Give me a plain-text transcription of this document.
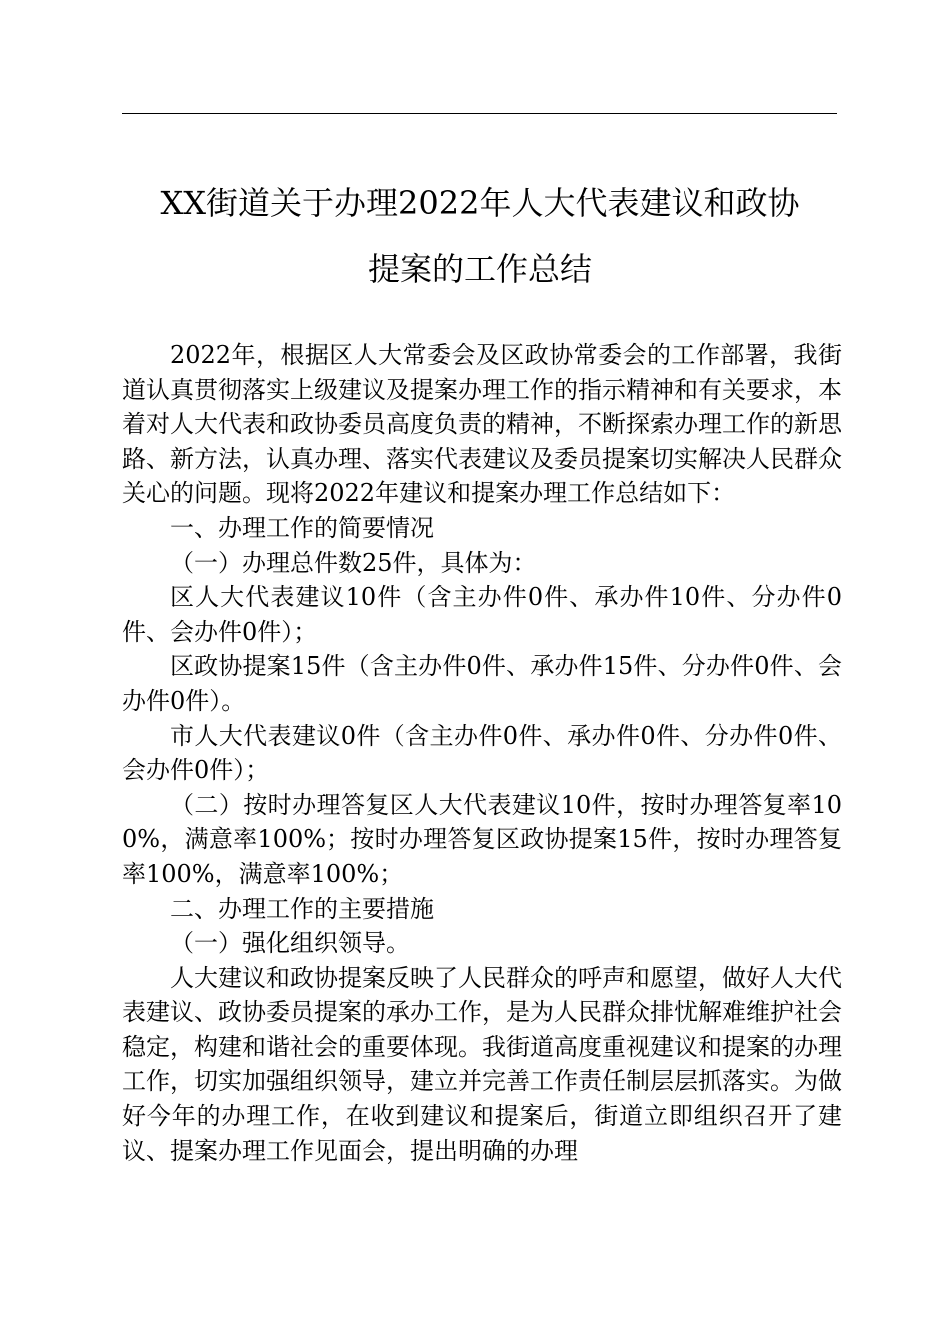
XX街道关于办理2022年人大代表建议和政协
提案的工作总结

2022年，根据区人大常委会及区政协常委会的工作部署，我街道认真贯彻落实上级建议及提案办理工作的指示精神和有关要求，本着对人大代表和政协委员高度负责的精神，不断探索办理工作的新思路、新方法，认真办理、落实代表建议及委员提案切实解决人民群众关心的问题。现将2022年建议和提案办理工作总结如下：

一、办理工作的简要情况

（一）办理总件数25件，具体为：

区人大代表建议10件（含主办件0件、承办件10件、分办件0件、会办件0件）；

区政协提案15件（含主办件0件、承办件15件、分办件0件、会办件0件）。

市人大代表建议0件（含主办件0件、承办件0件、分办件0件、会办件0件）；

（二）按时办理答复区人大代表建议10件，按时办理答复率100%，满意率100%；按时办理答复区政协提案15件，按时办理答复率100%，满意率100%；

二、办理工作的主要措施

（一）强化组织领导。

人大建议和政协提案反映了人民群众的呼声和愿望，做好人大代表建议、政协委员提案的承办工作，是为人民群众排忧解难维护社会稳定，构建和谐社会的重要体现。我街道高度重视建议和提案的办理工作，切实加强组织领导，建立并完善工作责任制层层抓落实。为做好今年的办理工作，在收到建议和提案后，街道立即组织召开了建议、提案办理工作见面会，提出明确的办理
